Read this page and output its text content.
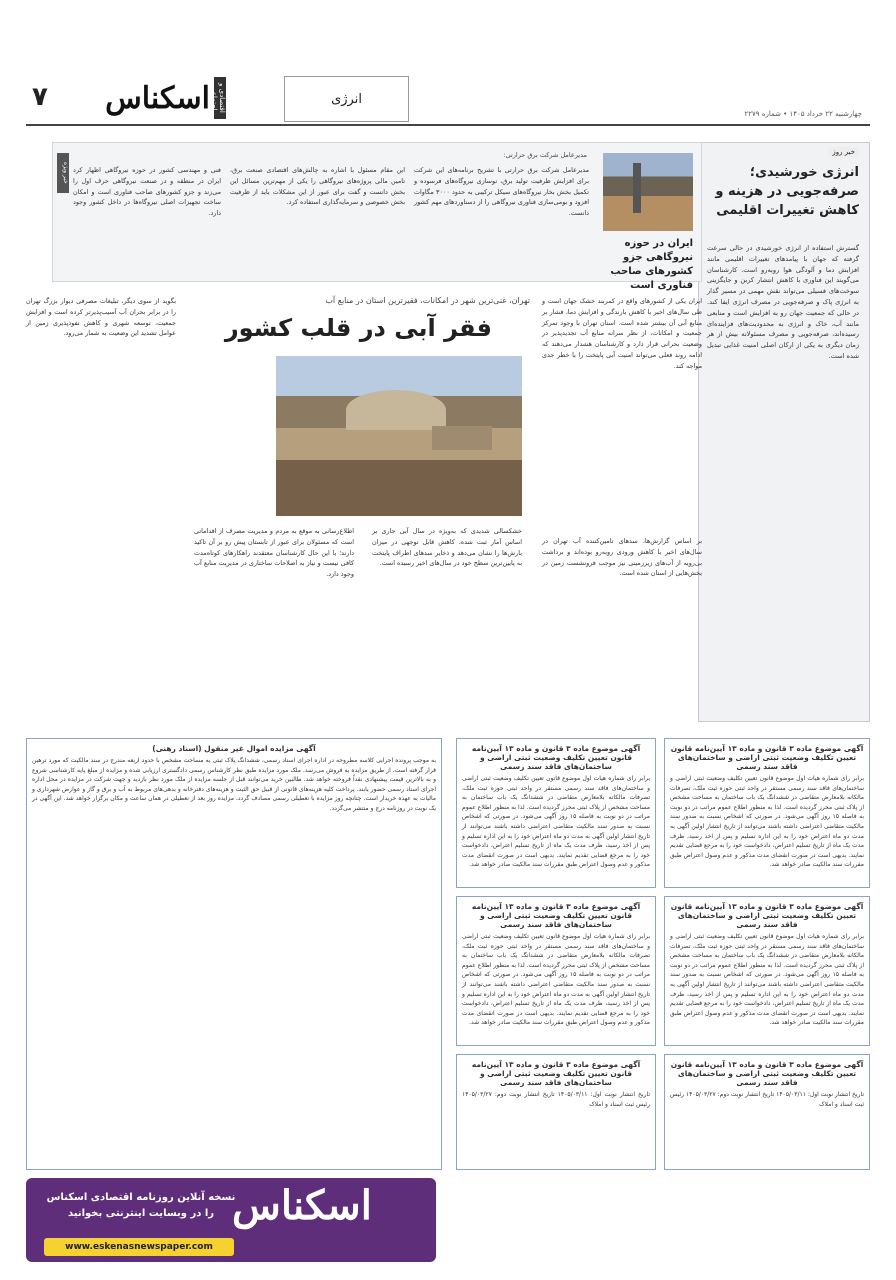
۷	اقتصادی و اجتماعی
اسکناس	انرژی
چهارشنبه ۲۲ خرداد ۱۴۰۵ • شماره ۲۲۷۹
خبر روز
انرژی خورشیدی؛ صرفه‌جویی در هزینه و کاهش تغییرات اقلیمی
گسترش استفاده از انرژی خورشیدی در حالی سرعت گرفته که جهان با پیامدهای تغییرات اقلیمی مانند افزایش دما و آلودگی هوا روبه‌رو است. کارشناسان می‌گویند این فناوری با کاهش انتشار کربن و جایگزینی سوخت‌های فسیلی می‌تواند نقش مهمی در مسیر گذار به انرژی پاک و صرفه‌جویی در مصرف انرژی ایفا کند. در حالی که جمعیت جهان رو به افزایش است و منابعی مانند آب، خاک و انرژی به محدودیت‌های فزاینده‌ای رسیده‌اند، صرفه‌جویی و مصرف مسئولانه بیش از هر زمان دیگری به یکی از ارکان اصلی امنیت غذایی تبدیل شده است.
ایران در حوزه نیروگاهی جزو کشورهای صاحب فناوری است
مدیرعامل شرکت برق حرارتی:
مدیرعامل شرکت برق حرارتی با تشریح برنامه‌های این شرکت برای افزایش ظرفیت تولید برق، نوسازی نیروگاه‌های فرسوده و تکمیل بخش بخار نیروگاه‌های سیکل ترکیبی به حدود ۳۰۰۰ مگاوات افزود و بومی‌سازی فناوری نیروگاهی را از دستاوردهای مهم کشور دانست.
این مقام مسئول با اشاره به چالش‌های اقتصادی صنعت برق، تامین مالی پروژه‌های نیروگاهی را یکی از مهم‌ترین مسائل این بخش دانست و گفت برای عبور از این مشکلات باید از ظرفیت بخش خصوصی و سرمایه‌گذاری استفاده کرد.
فنی و مهندسی کشور در حوزه نیروگاهی اظهار کرد ایران در منطقه و در صنعت نیروگاهی حرف اول را می‌زند و جزو کشورهای صاحب فناوری است و امکان ساخت تجهیزات اصلی نیروگاه‌ها در داخل کشور وجود دارد.
خبر ویژه
تهران، غنی‌ترین شهر در امکانات، فقیرترین استان در منابع آب
فقر آبی در قلب کشور
ایران یکی از کشورهای واقع در کمربند خشک جهان است و طی سال‌های اخیر با کاهش بارندگی و افزایش دما، فشار بر منابع آبی آن بیشتر شده است. استان تهران با وجود تمرکز جمعیت و امکانات، از نظر سرانه منابع آب تجدیدپذیر در وضعیت بحرانی قرار دارد و کارشناسان هشدار می‌دهند که ادامه روند فعلی می‌تواند امنیت آبی پایتخت را با خطر جدی مواجه کند.
بر اساس گزارش‌ها، سدهای تامین‌کننده آب تهران در سال‌های اخیر با کاهش ورودی روبه‌رو بوده‌اند و برداشت بی‌رویه از آب‌های زیرزمینی نیز موجب فرونشست زمین در بخش‌هایی از استان شده است.
خشکسالی شدیدی که به‌ویژه در سال آبی جاری بر اساس آمار ثبت شده، کاهش قابل توجهی در میزان بارش‌ها را نشان می‌دهد و ذخایر سدهای اطراف پایتخت به پایین‌ترین سطح خود در سال‌های اخیر رسیده است.
اطلاع‌رسانی به موقع به مردم و مدیریت مصرف از اقداماتی است که مسئولان برای عبور از تابستان پیش رو بر آن تاکید دارند؛ با این حال کارشناسان معتقدند راهکارهای کوتاه‌مدت کافی نیست و نیاز به اصلاحات ساختاری در مدیریت منابع آب وجود دارد.
بگوید از سوی دیگر، تبلیغات مصرفی دیوار بزرگ تهران را در برابر بحران آب آسیب‌پذیرتر کرده است و افزایش جمعیت، توسعه شهری و کاهش نفوذپذیری زمین از عوامل تشدید این وضعیت به شمار می‌رود.
آگهی موضوع ماده ۳ قانون و ماده ۱۳ آیین‌نامه قانون تعیین تکلیف وضعیت ثبتی اراضی و ساختمان‌های فاقد سند رسمی
برابر رای شماره هیات اول موضوع قانون تعیین تکلیف وضعیت ثبتی اراضی و ساختمان‌های فاقد سند رسمی مستقر در واحد ثبتی حوزه ثبت ملک، تصرفات مالکانه بلامعارض متقاضی در ششدانگ یک باب ساختمان به مساحت مشخص از پلاک ثبتی محرز گردیده است. لذا به منظور اطلاع عموم مراتب در دو نوبت به فاصله ۱۵ روز آگهی می‌شود. در صورتی که اشخاص نسبت به صدور سند مالکیت متقاضی اعتراضی داشته باشند می‌توانند از تاریخ انتشار اولین آگهی به مدت دو ماه اعتراض خود را به این اداره تسلیم و پس از اخذ رسید، ظرف مدت یک ماه از تاریخ تسلیم اعتراض، دادخواست خود را به مرجع قضایی تقدیم نمایند. بدیهی است در صورت انقضای مدت مذکور و عدم وصول اعتراض طبق مقررات سند مالکیت صادر خواهد شد.
آگهی موضوع ماده ۳ قانون و ماده ۱۳ آیین‌نامه قانون تعیین تکلیف وضعیت ثبتی اراضی و ساختمان‌های فاقد سند رسمی
برابر رای شماره هیات اول موضوع قانون تعیین تکلیف وضعیت ثبتی اراضی و ساختمان‌های فاقد سند رسمی مستقر در واحد ثبتی حوزه ثبت ملک، تصرفات مالکانه بلامعارض متقاضی در ششدانگ یک باب ساختمان به مساحت مشخص از پلاک ثبتی محرز گردیده است. لذا به منظور اطلاع عموم مراتب در دو نوبت به فاصله ۱۵ روز آگهی می‌شود. در صورتی که اشخاص نسبت به صدور سند مالکیت متقاضی اعتراضی داشته باشند می‌توانند از تاریخ انتشار اولین آگهی به مدت دو ماه اعتراض خود را به این اداره تسلیم و پس از اخذ رسید، ظرف مدت یک ماه از تاریخ تسلیم اعتراض، دادخواست خود را به مرجع قضایی تقدیم نمایند. بدیهی است در صورت انقضای مدت مذکور و عدم وصول اعتراض طبق مقررات سند مالکیت صادر خواهد شد.
آگهی موضوع ماده ۳ قانون و ماده ۱۳ آیین‌نامه قانون تعیین تکلیف وضعیت ثبتی اراضی و ساختمان‌های فاقد سند رسمی
تاریخ انتشار نوبت اول: ۱۴۰۵/۰۳/۱۱ تاریخ انتشار نوبت دوم: ۱۴۰۵/۰۳/۲۷ رئیس ثبت اسناد و املاک
آگهی موضوع ماده ۳ قانون و ماده ۱۳ آیین‌نامه قانون تعیین تکلیف وضعیت ثبتی اراضی و ساختمان‌های فاقد سند رسمی
برابر رای شماره هیات اول موضوع قانون تعیین تکلیف وضعیت ثبتی اراضی و ساختمان‌های فاقد سند رسمی مستقر در واحد ثبتی حوزه ثبت ملک، تصرفات مالکانه بلامعارض متقاضی در ششدانگ یک باب ساختمان به مساحت مشخص از پلاک ثبتی محرز گردیده است. لذا به منظور اطلاع عموم مراتب در دو نوبت به فاصله ۱۵ روز آگهی می‌شود. در صورتی که اشخاص نسبت به صدور سند مالکیت متقاضی اعتراضی داشته باشند می‌توانند از تاریخ انتشار اولین آگهی به مدت دو ماه اعتراض خود را به این اداره تسلیم و پس از اخذ رسید، ظرف مدت یک ماه از تاریخ تسلیم اعتراض، دادخواست خود را به مرجع قضایی تقدیم نمایند. بدیهی است در صورت انقضای مدت مذکور و عدم وصول اعتراض طبق مقررات سند مالکیت صادر خواهد شد.
آگهی موضوع ماده ۳ قانون و ماده ۱۳ آیین‌نامه قانون تعیین تکلیف وضعیت ثبتی اراضی و ساختمان‌های فاقد سند رسمی
برابر رای شماره هیات اول موضوع قانون تعیین تکلیف وضعیت ثبتی اراضی و ساختمان‌های فاقد سند رسمی مستقر در واحد ثبتی حوزه ثبت ملک، تصرفات مالکانه بلامعارض متقاضی در ششدانگ یک باب ساختمان به مساحت مشخص از پلاک ثبتی محرز گردیده است. لذا به منظور اطلاع عموم مراتب در دو نوبت به فاصله ۱۵ روز آگهی می‌شود. در صورتی که اشخاص نسبت به صدور سند مالکیت متقاضی اعتراضی داشته باشند می‌توانند از تاریخ انتشار اولین آگهی به مدت دو ماه اعتراض خود را به این اداره تسلیم و پس از اخذ رسید، ظرف مدت یک ماه از تاریخ تسلیم اعتراض، دادخواست خود را به مرجع قضایی تقدیم نمایند. بدیهی است در صورت انقضای مدت مذکور و عدم وصول اعتراض طبق مقررات سند مالکیت صادر خواهد شد.
آگهی موضوع ماده ۳ قانون و ماده ۱۳ آیین‌نامه قانون تعیین تکلیف وضعیت ثبتی اراضی و ساختمان‌های فاقد سند رسمی
تاریخ انتشار نوبت اول: ۱۴۰۵/۰۳/۱۱ تاریخ انتشار نوبت دوم: ۱۴۰۵/۰۳/۲۷ رئیس ثبت اسناد و املاک
آگهی مزایده اموال غیر منقول (اسناد رهنی)
به موجب پرونده اجرایی کلاسه مطروحه در اداره اجرای اسناد رسمی، ششدانگ پلاک ثبتی به مساحت مشخص با حدود اربعه مندرج در سند مالکیت که مورد ترهین قرار گرفته است، از طریق مزایده به فروش می‌رسد. ملک مورد مزایده طبق نظر کارشناس رسمی دادگستری ارزیابی شده و مزایده از مبلغ پایه کارشناسی شروع و به بالاترین قیمت پیشنهادی نقداً فروخته خواهد شد. طالبین خرید می‌توانند قبل از جلسه مزایده از ملک مورد نظر بازدید و جهت شرکت در مزایده در محل اداره اجرای اسناد رسمی حضور یابند. پرداخت کلیه هزینه‌های قانونی از قبیل حق الثبت و هزینه‌های دفترخانه و بدهی‌های مربوط به آب و برق و گاز و عوارض شهرداری و مالیات به عهده خریدار است. چنانچه روز مزایده با تعطیلی رسمی مصادف گردد، مزایده روز بعد از تعطیلی در همان ساعت و مکان برگزار خواهد شد. این آگهی در یک نوبت در روزنامه درج و منتشر می‌گردد.
اسکناس
نسخه آنلاین روزنامه اقتصادی اسکناس را در وبسایت اینترنتی بخوانید
www.eskenasnewspaper.com
